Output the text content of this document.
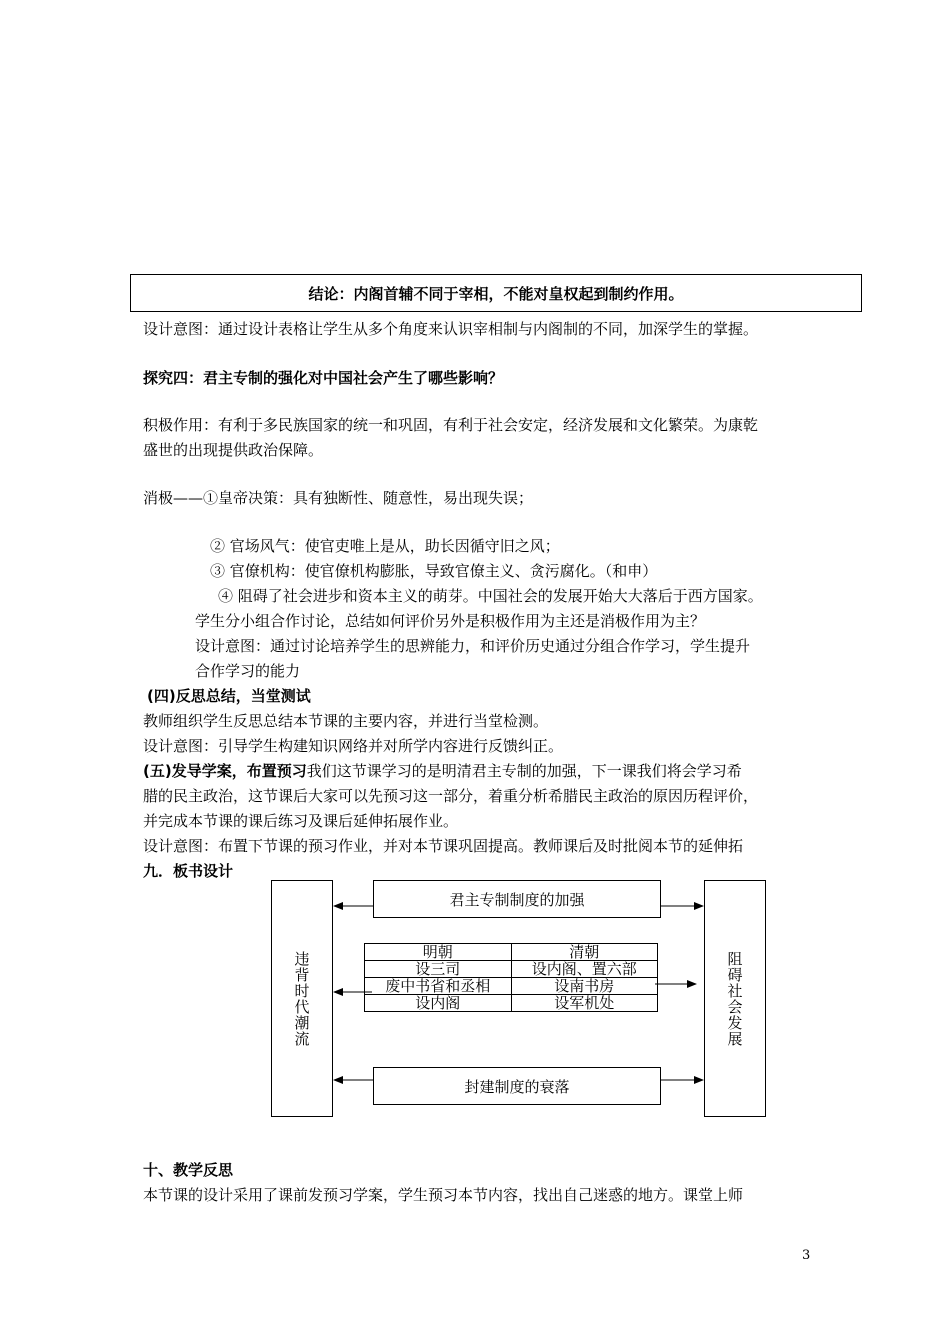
结论：内阁首辅不同于宰相，不能对皇权起到制约作用。
设计意图：通过设计表格让学生从多个角度来认识宰相制与内阁制的不同，加深学生的掌握。
探究四：君主专制的强化对中国社会产生了哪些影响？
积极作用：有利于多民族国家的统一和巩固，有利于社会安定，经济发展和文化繁荣。为康乾
盛世的出现提供政治保障。
消极——①皇帝决策：具有独断性、随意性，易出现失误；
② 官场风气：使官吏唯上是从，助长因循守旧之风；
③ 官僚机构：使官僚机构膨胀，导致官僚主义、贪污腐化。（和申）
④ 阻碍了社会进步和资本主义的萌芽。中国社会的发展开始大大落后于西方国家。
学生分小组合作讨论，总结如何评价另外是积极作用为主还是消极作用为主？
设计意图：通过讨论培养学生的思辨能力，和评价历史通过分组合作学习，学生提升
合作学习的能力
(四)反思总结，当堂测试
教师组织学生反思总结本节课的主要内容，并进行当堂检测。
设计意图：引导学生构建知识网络并对所学内容进行反馈纠正。
(五)发导学案，布置预习我们这节课学习的是明清君主专制的加强，下一课我们将会学习希
腊的民主政治，这节课后大家可以先预习这一部分，着重分析希腊民主政治的原因历程评价，
并完成本节课的课后练习及课后延伸拓展作业。
设计意图：布置下节课的预习作业，并对本节课巩固提高。教师课后及时批阅本节的延伸拓
九．板书设计
君主专制制度的加强
封建制度的衰落
违背时代潮流	阻碍社会发展
明朝	清朝
设三司	设内阁、置六部
废中书省和丞相	设南书房
设内阁	设军机处
十、教学反思
本节课的设计采用了课前发预习学案，学生预习本节内容，找出自己迷惑的地方。课堂上师
3
